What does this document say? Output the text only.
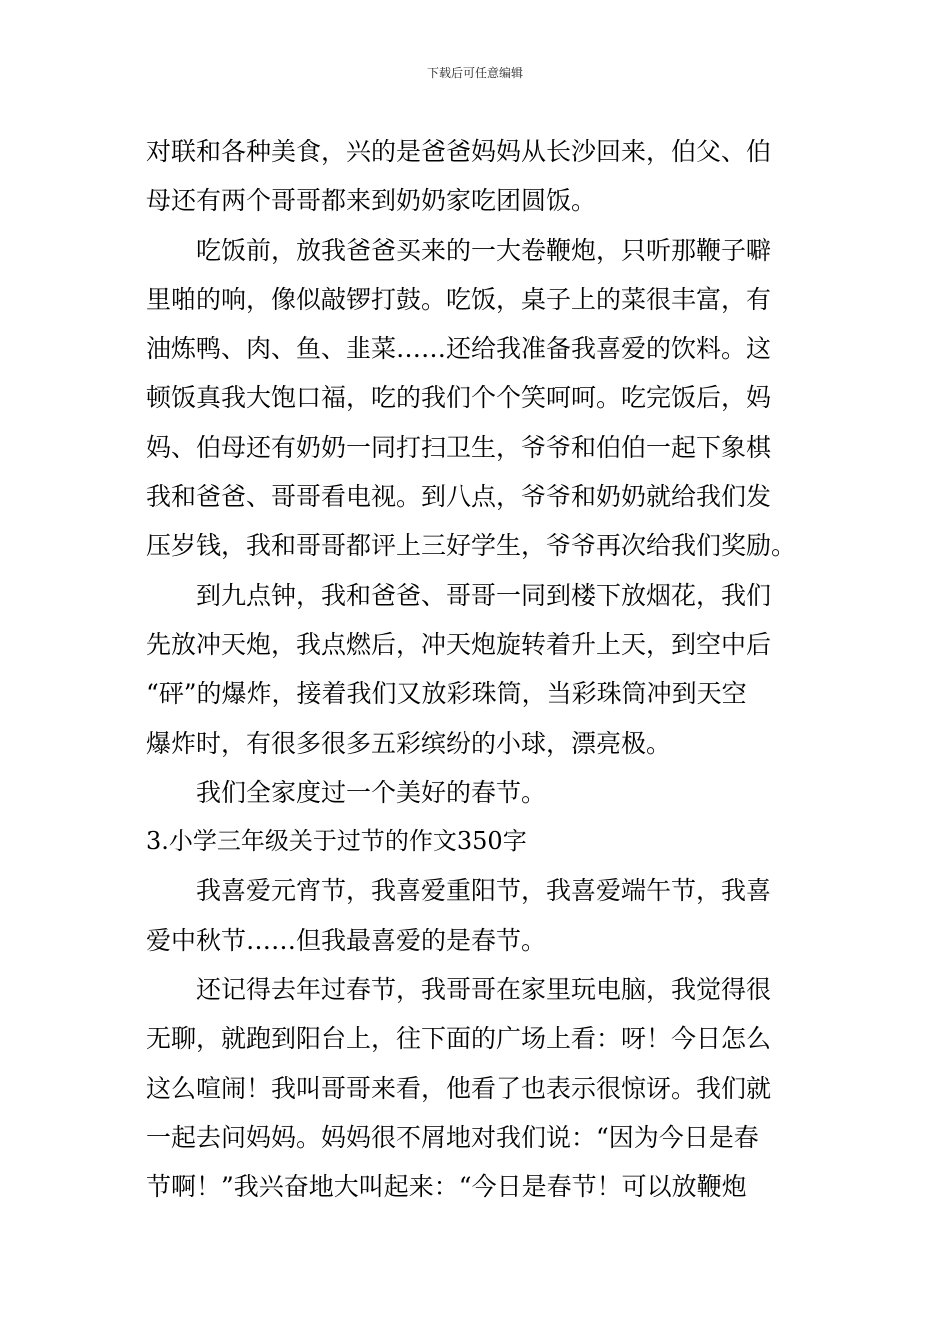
下载后可任意编辑
对联和各种美食，兴的是爸爸妈妈从长沙回来，伯父、伯
母还有两个哥哥都来到奶奶家吃团圆饭。
吃饭前，放我爸爸买来的一大卷鞭炮，只听那鞭子噼
里啪的响，像似敲锣打鼓。吃饭，桌子上的菜很丰富，有
油炼鸭、肉、鱼、韭菜……还给我准备我喜爱的饮料。这
顿饭真我大饱口福，吃的我们个个笑呵呵。吃完饭后，妈
妈、伯母还有奶奶一同打扫卫生，爷爷和伯伯一起下象棋
我和爸爸、哥哥看电视。到八点，爷爷和奶奶就给我们发
压岁钱，我和哥哥都评上三好学生，爷爷再次给我们奖励。
到九点钟，我和爸爸、哥哥一同到楼下放烟花，我们
先放冲天炮，我点燃后，冲天炮旋转着升上天，到空中后
“砰”的爆炸，接着我们又放彩珠筒，当彩珠筒冲到天空
爆炸时，有很多很多五彩缤纷的小球，漂亮极。
我们全家度过一个美好的春节。
3.小学三年级关于过节的作文350字
我喜爱元宵节，我喜爱重阳节，我喜爱端午节，我喜
爱中秋节……但我最喜爱的是春节。
还记得去年过春节，我哥哥在家里玩电脑，我觉得很
无聊，就跑到阳台上，往下面的广场上看：呀！今日怎么
这么喧闹！我叫哥哥来看，他看了也表示很惊讶。我们就
一起去问妈妈。妈妈很不屑地对我们说：“因为今日是春
节啊！”我兴奋地大叫起来：“今日是春节！可以放鞭炮
